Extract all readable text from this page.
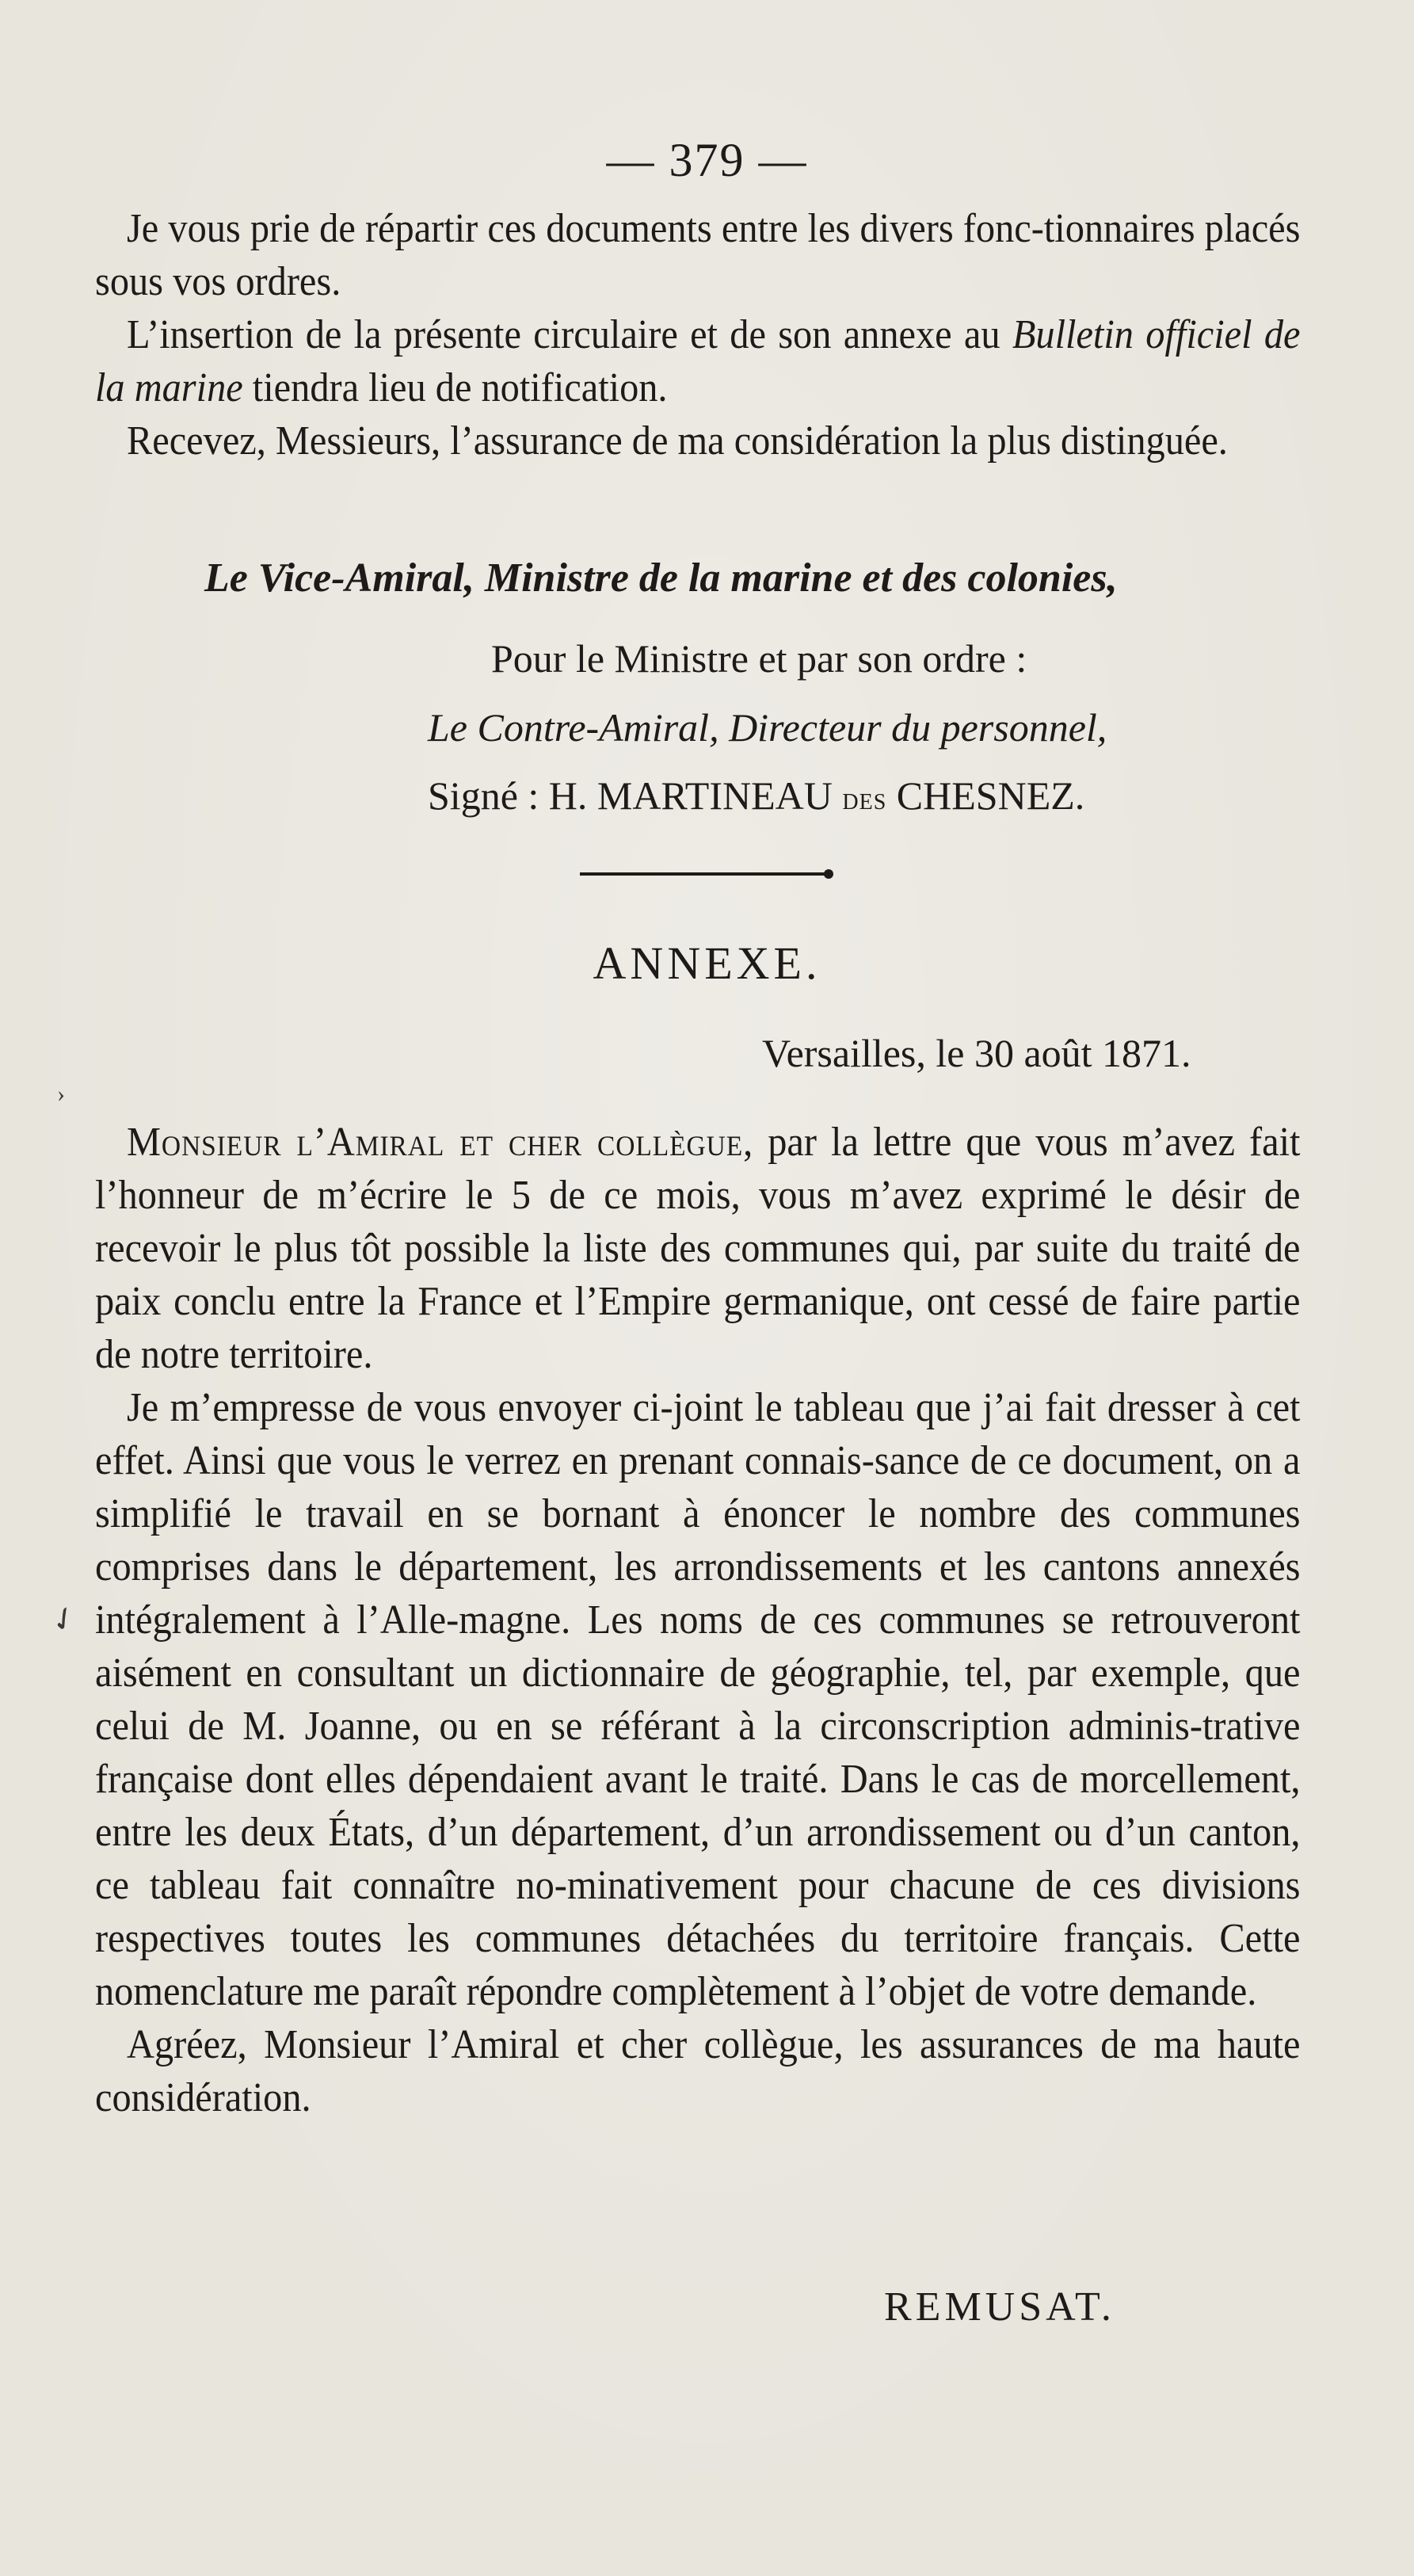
— 379 —

Je vous prie de répartir ces documents entre les divers fonc-tionnaires placés sous vos ordres.

L’insertion de la présente circulaire et de son annexe au Bulletin officiel de la marine tiendra lieu de notification.

Recevez, Messieurs, l’assurance de ma considération la plus distinguée.

Le Vice-Amiral, Ministre de la marine et des colonies,
Pour le Ministre et par son ordre :
Le Contre-Amiral, Directeur du personnel,
Signé : H. MARTINEAU des CHESNEZ.
ANNEXE.
Versailles, le 30 août 1871.
›

Monsieur l’Amiral et cher collègue, par la lettre que vous m’avez fait l’honneur de m’écrire le 5 de ce mois, vous m’avez exprimé le désir de recevoir le plus tôt possible la liste des communes qui, par suite du traité de paix conclu entre la France et l’Empire germanique, ont cessé de faire partie de notre territoire.

Je m’empresse de vous envoyer ci-joint le tableau que j’ai fait dresser à cet effet. Ainsi que vous le verrez en prenant connais-sance de ce document, on a simplifié le travail en se bornant à énoncer le nombre des communes comprises dans le département, les arrondissements et les cantons annexés intégralement à l’Alle-magne. Les noms de ces communes se retrouveront aisément en consultant un dictionnaire de géographie, tel, par exemple, que celui de M. Joanne, ou en se référant à la circonscription adminis-trative française dont elles dépendaient avant le traité. Dans le cas de morcellement, entre les deux États, d’un département, d’un arrondissement ou d’un canton, ce tableau fait connaître no-minativement pour chacune de ces divisions respectives toutes les communes détachées du territoire français. Cette nomenclature me paraît répondre complètement à l’objet de votre demande.

Agréez, Monsieur l’Amiral et cher collègue, les assurances de ma haute considération.

✓
REMUSAT.
